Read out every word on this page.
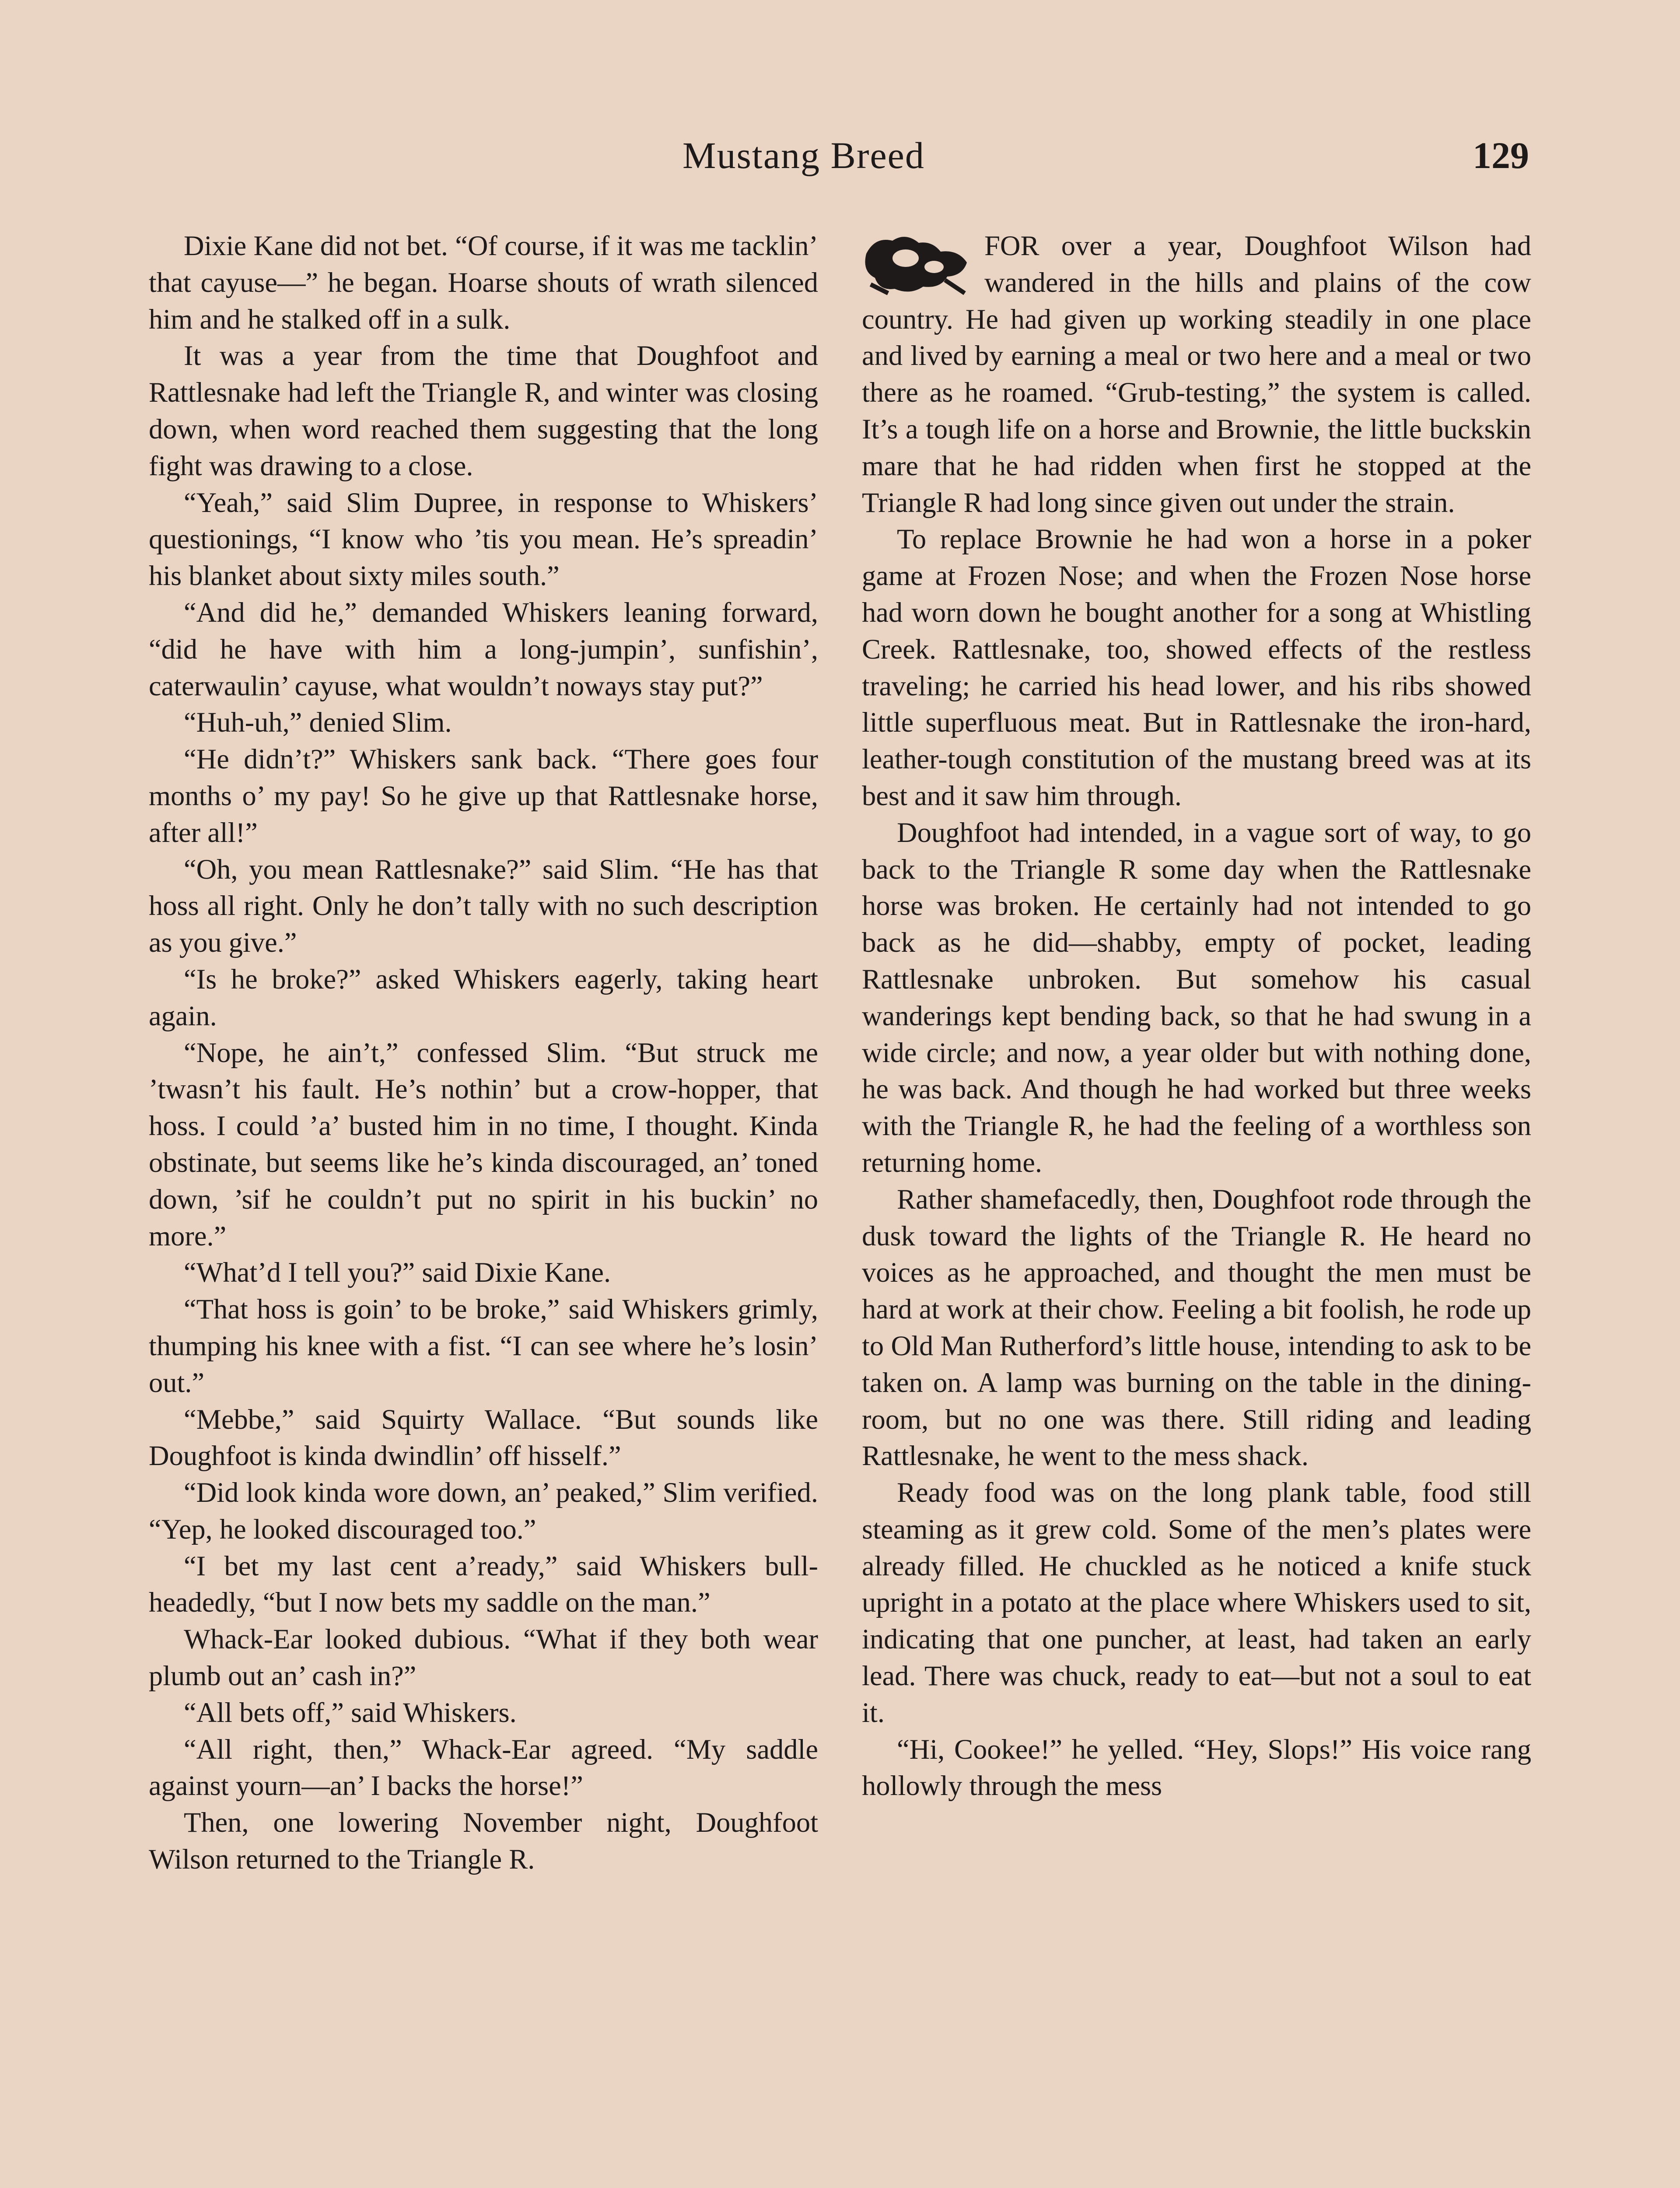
Mustang Breed	129

Dixie Kane did not bet. “Of course, if it was me tacklin’ that cayuse—” he began. Hoarse shouts of wrath silenced him and he stalked off in a sulk.

It was a year from the time that Doughfoot and Rattlesnake had left the Triangle R, and winter was closing down, when word reached them suggesting that the long fight was drawing to a close.

“Yeah,” said Slim Dupree, in response to Whiskers’ questionings, “I know who ’tis you mean. He’s spreadin’ his blanket about sixty miles south.”

“And did he,” demanded Whiskers leaning forward, “did he have with him a long-jumpin’, sunfishin’, caterwaulin’ cayuse, what wouldn’t noways stay put?”

“Huh-uh,” denied Slim.

“He didn’t?” Whiskers sank back. “There goes four months o’ my pay! So he give up that Rattlesnake horse, after all!”

“Oh, you mean Rattlesnake?” said Slim. “He has that hoss all right. Only he don’t tally with no such description as you give.”

“Is he broke?” asked Whiskers eagerly, taking heart again.

“Nope, he ain’t,” confessed Slim. “But struck me ’twasn’t his fault. He’s nothin’ but a crow-hopper, that hoss. I could ’a’ busted him in no time, I thought. Kinda obstinate, but seems like he’s kinda discouraged, an’ toned down, ’sif he couldn’t put no spirit in his buckin’ no more.”

“What’d I tell you?” said Dixie Kane.

“That hoss is goin’ to be broke,” said Whiskers grimly, thumping his knee with a fist. “I can see where he’s losin’ out.”

“Mebbe,” said Squirty Wallace. “But sounds like Doughfoot is kinda dwindlin’ off hisself.”

“Did look kinda wore down, an’ peaked,” Slim verified. “Yep, he looked discouraged too.”

“I bet my last cent a’ready,” said Whiskers bull-headedly, “but I now bets my saddle on the man.”

Whack-Ear looked dubious. “What if they both wear plumb out an’ cash in?”

“All bets off,” said Whiskers.

“All right, then,” Whack-Ear agreed. “My saddle against yourn—an’ I backs the horse!”

Then, one lowering November night, Doughfoot Wilson returned to the Triangle R.

FOR over a year, Doughfoot Wilson had wandered in the hills and plains of the cow country. He had given up working steadily in one place and lived by earning a meal or two here and a meal or two there as he roamed. “Grub-testing,” the system is called. It’s a tough life on a horse and Brownie, the little buckskin mare that he had ridden when first he stopped at the Triangle R had long since given out under the strain.

To replace Brownie he had won a horse in a poker game at Frozen Nose; and when the Frozen Nose horse had worn down he bought another for a song at Whistling Creek. Rattlesnake, too, showed effects of the restless traveling; he carried his head lower, and his ribs showed little superfluous meat. But in Rattlesnake the iron-hard, leather-tough constitution of the mustang breed was at its best and it saw him through.

Doughfoot had intended, in a vague sort of way, to go back to the Triangle R some day when the Rattlesnake horse was broken. He certainly had not intended to go back as he did—shabby, empty of pocket, leading Rattlesnake unbroken. But somehow his casual wanderings kept bending back, so that he had swung in a wide circle; and now, a year older but with nothing done, he was back. And though he had worked but three weeks with the Triangle R, he had the feeling of a worthless son returning home.

Rather shamefacedly, then, Doughfoot rode through the dusk toward the lights of the Triangle R. He heard no voices as he approached, and thought the men must be hard at work at their chow. Feeling a bit foolish, he rode up to Old Man Rutherford’s little house, intending to ask to be taken on. A lamp was burning on the table in the dining-room, but no one was there. Still riding and leading Rattlesnake, he went to the mess shack.

Ready food was on the long plank table, food still steaming as it grew cold. Some of the men’s plates were already filled. He chuckled as he noticed a knife stuck upright in a potato at the place where Whiskers used to sit, indicating that one puncher, at least, had taken an early lead. There was chuck, ready to eat—but not a soul to eat it.

“Hi, Cookee!” he yelled. “Hey, Slops!” His voice rang hollowly through the mess
